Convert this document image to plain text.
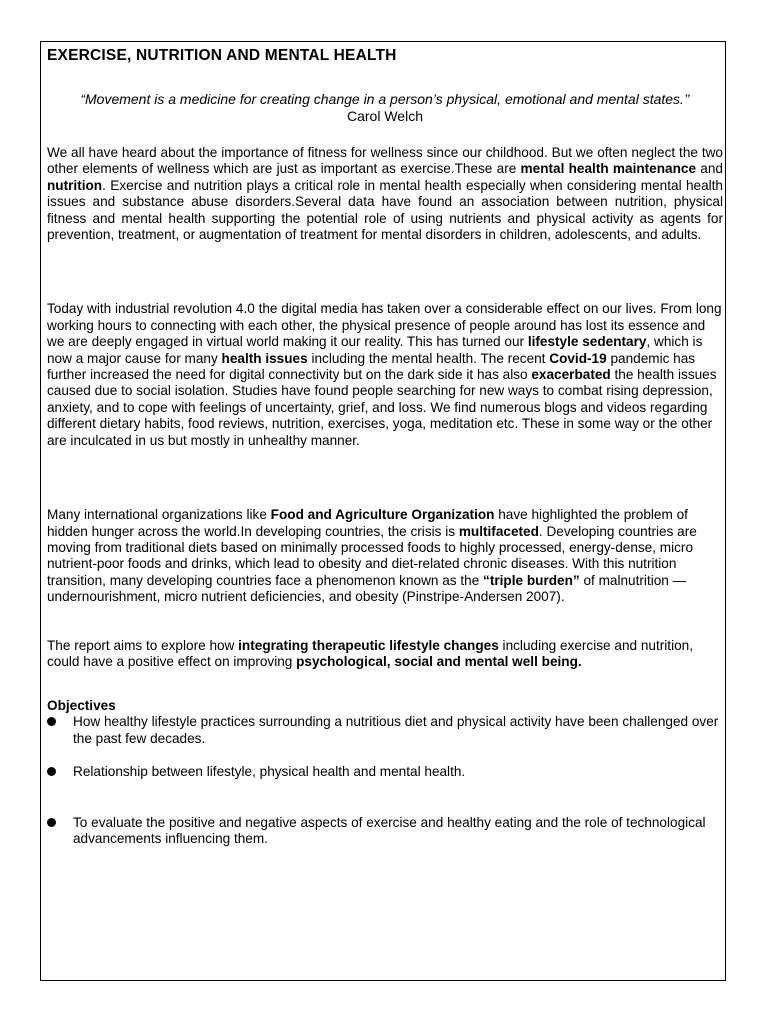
EXERCISE, NUTRITION AND MENTAL HEALTH
“Movement is a medicine for creating change in a person’s physical, emotional and mental states.’’
Carol Welch

We all have heard about the importance of fitness for wellness since our childhood. But we often neglect the two other elements of wellness which are just as important as exercise.These are mental health maintenance and nutrition. Exercise and nutrition plays a critical role in mental health especially when considering mental health issues and substance abuse disorders.Several data have found an association between nutrition, physical fitness and mental health supporting the potential role of using nutrients and physical activity as agents for prevention, treatment, or augmentation of treatment for mental disorders in children, adolescents, and adults.

Today with industrial revolution 4.0 the digital media has taken over a considerable effect on our lives. From long working hours to connecting with each other, the physical presence of people around has lost its essence and we are deeply engaged in virtual world making it our reality. This has turned our lifestyle sedentary, which is now a major cause for many health issues including the mental health. The recent Covid-19 pandemic has further increased the need for digital connectivity but on the dark side it has also exacerbated the health issues caused due to social isolation. Studies have found people searching for new ways to combat rising depression, anxiety, and to cope with feelings of uncertainty, grief, and loss. We find numerous blogs and videos regarding different dietary habits, food reviews, nutrition, exercises, yoga, meditation etc. These in some way or the other are inculcated in us but mostly in unhealthy manner.

Many international organizations like Food and Agriculture Organization have highlighted the problem of hidden hunger across the world.In developing countries, the crisis is multifaceted. Developing countries are moving from traditional diets based on minimally processed foods to highly processed, energy-dense, micro nutrient-poor foods and drinks, which lead to obesity and diet-related chronic diseases. With this nutrition transition, many developing countries face a phenomenon known as the “triple burden” of malnutrition — undernourishment, micro nutrient deficiencies, and obesity (Pinstripe-Andersen 2007).

The report aims to explore how integrating therapeutic lifestyle changes including exercise and nutrition, could have a positive effect on improving psychological, social and mental well being.

Objectives
How healthy lifestyle practices surrounding a nutritious diet and physical activity have been challenged over the past few decades.
Relationship between lifestyle, physical health and mental health.
To evaluate the positive and negative aspects of exercise and healthy eating and the role of technological advancements influencing them.
